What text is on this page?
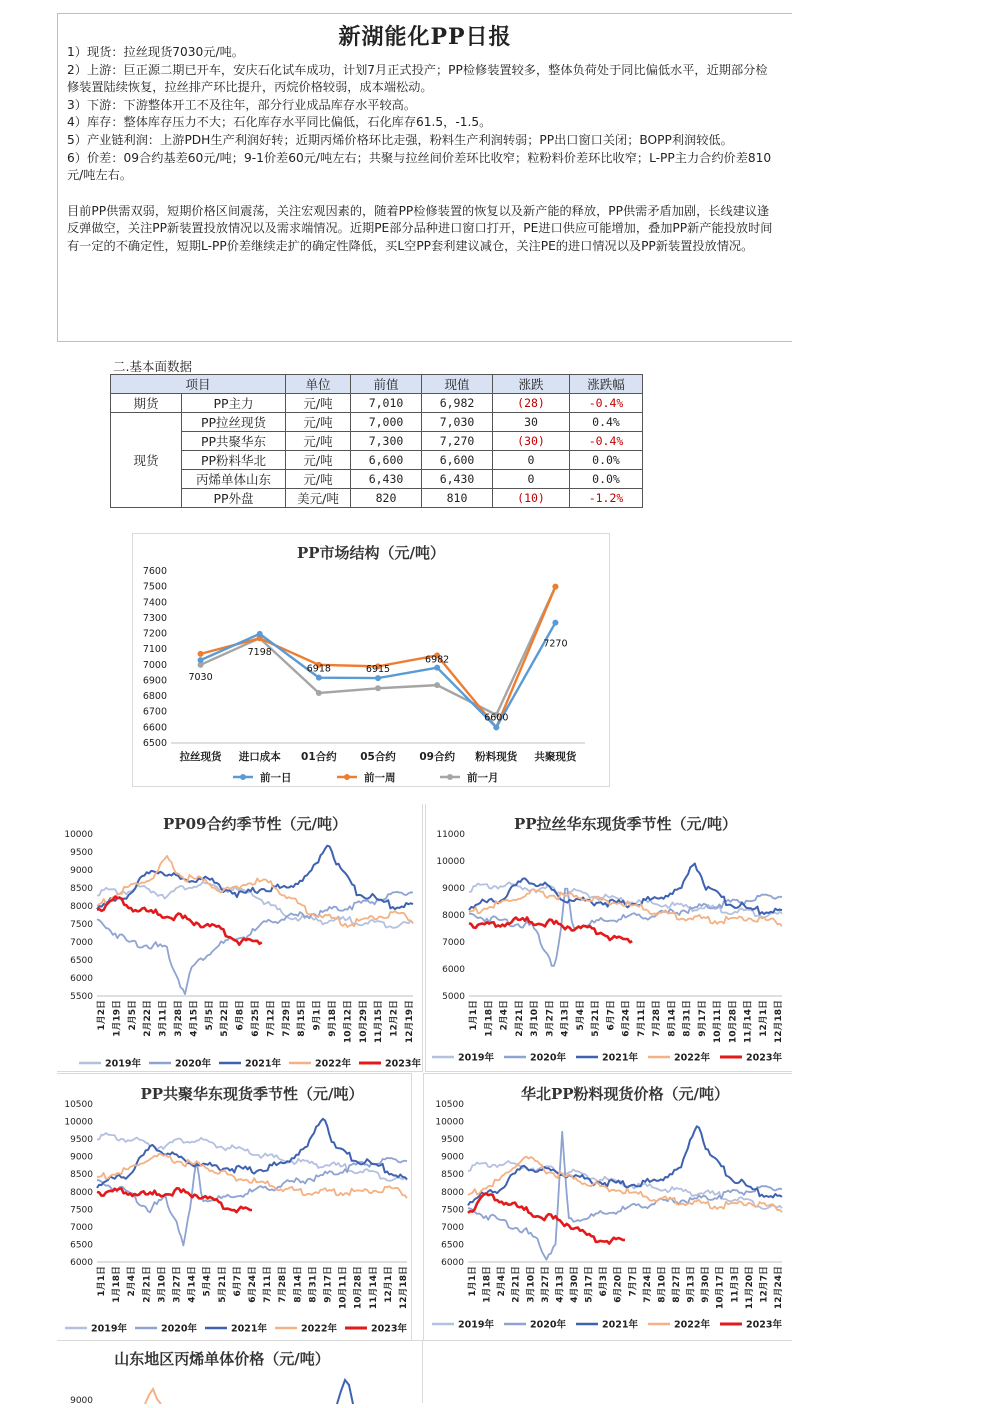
新湖能化PP日报

1）现货：拉丝现货7030元/吨。

2）上游：巨正源二期已开车，安庆石化试车成功，计划7月正式投产；PP检修装置较多，整体负荷处于同比偏低水平，近期部分检修装置陆续恢复，拉丝排产环比提升，丙烷价格较弱，成本端松动。

3）下游：下游整体开工不及往年，部分行业成品库存水平较高。

4）库存：整体库存压力不大；石化库存水平同比偏低，石化库存61.5，-1.5。

5）产业链利润：上游PDH生产利润好转；近期丙烯价格环比走强，粉料生产利润转弱；PP出口窗口关闭；BOPP利润较低。

6）价差：09合约基差60元/吨；9-1价差60元/吨左右；共聚与拉丝间价差环比收窄；粒粉料价差环比收窄；L-PP主力合约价差810元/吨左右。

目前PP供需双弱，短期价格区间震荡，关注宏观因素的，随着PP检修装置的恢复以及新产能的释放，PP供需矛盾加剧，长线建议逢反弹做空，关注PP新装置投放情况以及需求端情况。近期PE部分品种进口窗口打开，PE进口供应可能增加，叠加PP新产能投放时间有一定的不确定性，短期L-PP价差继续走扩的确定性降低，买L空PP套利建议减仓，关注PE的进口情况以及PP新装置投放情况。

二.基本面数据
项目		单位	前值	现值	涨跌	涨跌幅
期货	PP主力	元/吨	7,010	6,982	(28)	-0.4%
现货	PP拉丝现货	元/吨	7,000	7,030	30	0.4%
	PP共聚华东	元/吨	7,300	7,270	(30)	-0.4%
	PP粉料华北	元/吨	6,600	6,600	0	0.0%
	丙烯单体山东	元/吨	6,430	6,430	0	0.0%
	PP外盘	美元/吨	820	810	(10)	-1.2%
PP市场结构（元/吨）
6500
6600
6700
6800
6900
7000
7100
7200
7300
7400
7500
7600
拉丝现货 进口成本 01合约 05合约 09合约 粉料现货 共聚现货
7030
7198
6918	6915
6982
6600
7270
前一日	前一周	前一月
PP09合约季节性（元/吨）
5500
6000
6500
7000
7500
8000
8500
9000
9500
10000
1月2日 1月19日 2月5日 2月22日 3月11日 3月28日 4月15日 5月5日 5月22日 6月8日 6月25日 7月12日 7月29日 8月15日 9月1日 9月18日 10月12日 10月29日 11月15日 12月2日 12月19日
2019年	2020年	2021年	2022年	2023年
PP拉丝华东现货季节性（元/吨）
5000
6000
7000
8000
9000
10000
11000
1月1日 1月18日 2月4日 2月21日 3月10日 3月27日 4月13日 5月4日 5月21日 6月7日 6月24日 7月11日 7月28日 8月14日 8月31日 9月17日 10月11日 10月28日 11月14日 12月1日 12月18日
2019年	2020年	2021年	2022年	2023年
PP共聚华东现货季节性（元/吨）
6000
6500
7000
7500
8000
8500
9000
9500
10000
10500
1月1日 1月18日 2月4日 2月21日 3月10日 3月27日 4月14日 5月4日 5月21日 6月7日 6月24日 7月11日 7月28日 8月14日 8月31日 9月17日 10月11日 10月28日 11月14日 12月1日 12月18日
2019年	2020年	2021年	2022年	2023年
华北PP粉料现货价格（元/吨）
6000
6500
7000
7500
8000
8500
9000
9500
10000
10500
1月1日 1月18日 2月4日 2月21日 3月10日 3月27日 4月13日 4月30日 5月17日 6月3日 6月20日 7月7日 7月24日 8月10日 8月27日 9月13日 9月30日 10月17日 11月3日 11月20日 12月7日 12月24日
2019年	2020年	2021年	2022年	2023年
山东地区丙烯单体价格（元/吨）
9000
